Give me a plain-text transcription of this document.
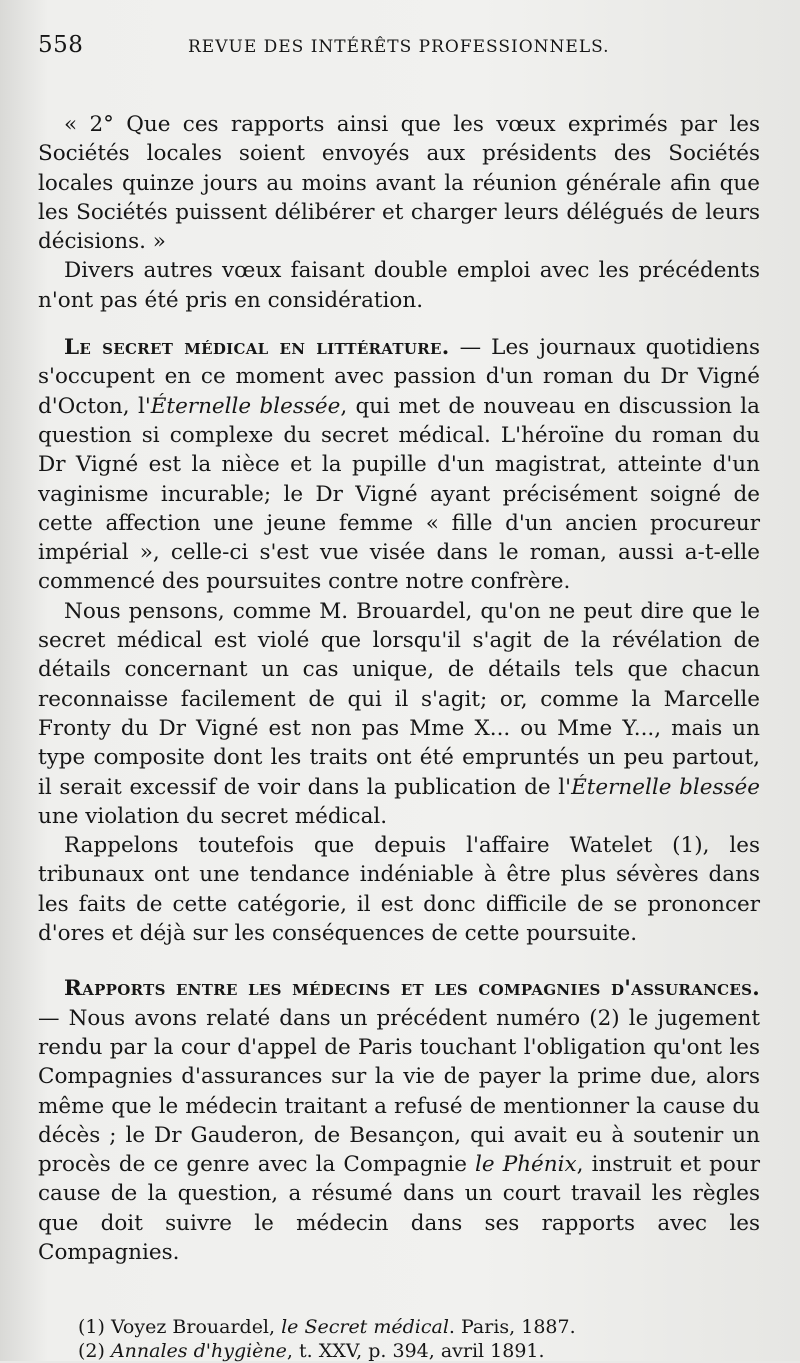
558	REVUE DES INTÉRÊTS PROFESSIONNELS.

« 2° Que ces rapports ainsi que les vœux exprimés par les Sociétés locales soient envoyés aux présidents des Sociétés locales quinze jours au moins avant la réunion générale afin que les Sociétés puissent délibérer et charger leurs délégués de leurs décisions. »

Divers autres vœux faisant double emploi avec les précédents n'ont pas été pris en considération.

Le secret médical en littérature. — Les journaux quotidiens s'occupent en ce moment avec passion d'un roman du Dr Vigné d'Octon, l'Éternelle blessée, qui met de nouveau en discussion la question si complexe du secret médical. L'héroïne du roman du Dr Vigné est la nièce et la pupille d'un magistrat, atteinte d'un vaginisme incurable; le Dr Vigné ayant précisément soigné de cette affection une jeune femme « fille d'un ancien procureur impérial », celle-ci s'est vue visée dans le roman, aussi a-t-elle commencé des poursuites contre notre confrère.

Nous pensons, comme M. Brouardel, qu'on ne peut dire que le secret médical est violé que lorsqu'il s'agit de la révélation de détails concernant un cas unique, de détails tels que chacun reconnaisse facilement de qui il s'agit; or, comme la Marcelle Fronty du Dr Vigné est non pas Mme X... ou Mme Y..., mais un type composite dont les traits ont été empruntés un peu partout, il serait excessif de voir dans la publication de l'Éternelle blessée une violation du secret médical.

Rappelons toutefois que depuis l'affaire Watelet (1), les tribunaux ont une tendance indéniable à être plus sévères dans les faits de cette catégorie, il est donc difficile de se prononcer d'ores et déjà sur les conséquences de cette poursuite.

Rapports entre les médecins et les compagnies d'assurances. — Nous avons relaté dans un précédent numéro (2) le jugement rendu par la cour d'appel de Paris touchant l'obligation qu'ont les Compagnies d'assurances sur la vie de payer la prime due, alors même que le médecin traitant a refusé de mentionner la cause du décès ; le Dr Gauderon, de Besançon, qui avait eu à soutenir un procès de ce genre avec la Compagnie le Phénix, instruit et pour cause de la question, a résumé dans un court travail les règles que doit suivre le médecin dans ses rapports avec les Compagnies.

(1) Voyez Brouardel, le Secret médical. Paris, 1887.

(2) Annales d'hygiène, t. XXV, p. 394, avril 1891.
